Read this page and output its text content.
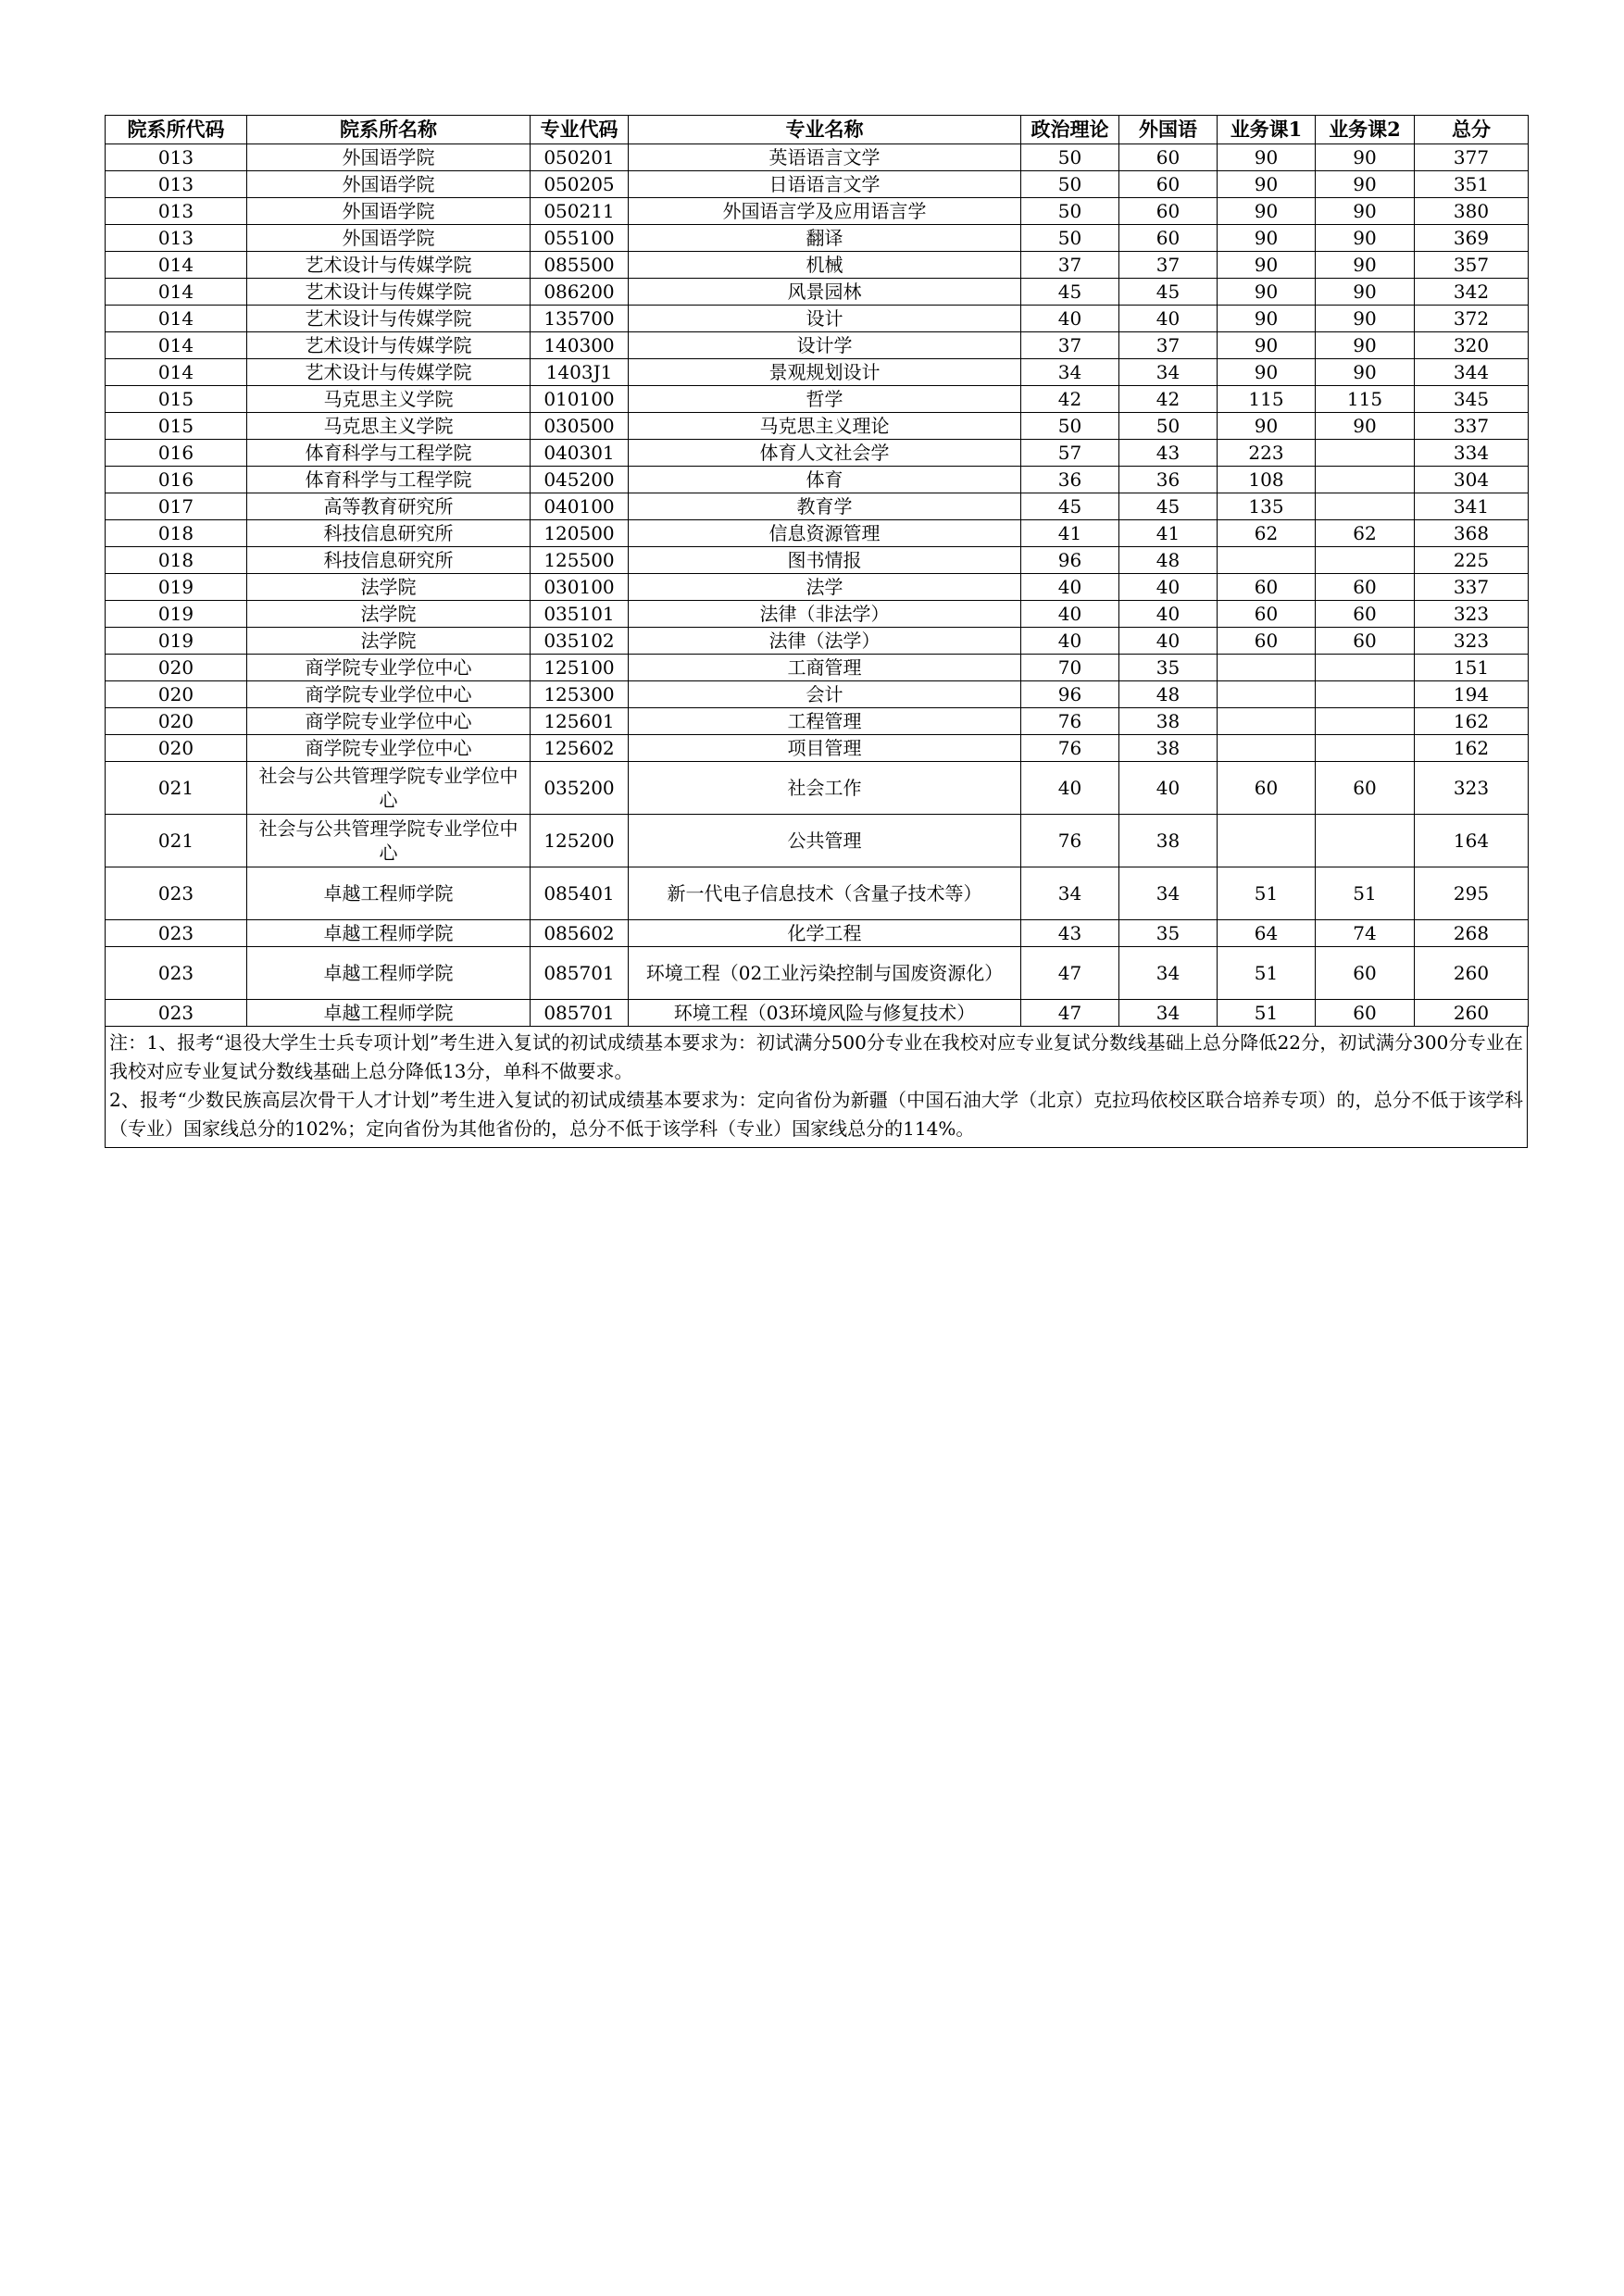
院系所代码	院系所名称	专业代码	专业名称	政治理论	外国语	业务课1	业务课2	总分
013	外国语学院	050201	英语语言文学	50	60	90	90	377
013	外国语学院	050205	日语语言文学	50	60	90	90	351
013	外国语学院	050211	外国语言学及应用语言学	50	60	90	90	380
013	外国语学院	055100	翻译	50	60	90	90	369
014	艺术设计与传媒学院	085500	机械	37	37	90	90	357
014	艺术设计与传媒学院	086200	风景园林	45	45	90	90	342
014	艺术设计与传媒学院	135700	设计	40	40	90	90	372
014	艺术设计与传媒学院	140300	设计学	37	37	90	90	320
014	艺术设计与传媒学院	1403J1	景观规划设计	34	34	90	90	344
015	马克思主义学院	010100	哲学	42	42	115	115	345
015	马克思主义学院	030500	马克思主义理论	50	50	90	90	337
016	体育科学与工程学院	040301	体育人文社会学	57	43	223		334
016	体育科学与工程学院	045200	体育	36	36	108		304
017	高等教育研究所	040100	教育学	45	45	135		341
018	科技信息研究所	120500	信息资源管理	41	41	62	62	368
018	科技信息研究所	125500	图书情报	96	48			225
019	法学院	030100	法学	40	40	60	60	337
019	法学院	035101	法律（非法学）	40	40	60	60	323
019	法学院	035102	法律（法学）	40	40	60	60	323
020	商学院专业学位中心	125100	工商管理	70	35			151
020	商学院专业学位中心	125300	会计	96	48			194
020	商学院专业学位中心	125601	工程管理	76	38			162
020	商学院专业学位中心	125602	项目管理	76	38			162
021	社会与公共管理学院专业学位中心	035200	社会工作	40	40	60	60	323
021	社会与公共管理学院专业学位中心	125200	公共管理	76	38			164
023	卓越工程师学院	085401	新一代电子信息技术（含量子技术等）	34	34	51	51	295
023	卓越工程师学院	085602	化学工程	43	35	64	74	268
023	卓越工程师学院	085701	环境工程（02工业污染控制与国废资源化）	47	34	51	60	260
023	卓越工程师学院	085701	环境工程（03环境风险与修复技术）	47	34	51	60	260

注：1、报考“退役大学生士兵专项计划”考生进入复试的初试成绩基本要求为：初试满分500分专业在我校对应专业复试分数线基础上总分降低22分，初试满分300分专业在我校对应专业复试分数线基础上总分降低13分，单科不做要求。

2、报考“少数民族高层次骨干人才计划”考生进入复试的初试成绩基本要求为：定向省份为新疆（中国石油大学（北京）克拉玛依校区联合培养专项）的，总分不低于该学科（专业）国家线总分的102%；定向省份为其他省份的，总分不低于该学科（专业）国家线总分的114%。
